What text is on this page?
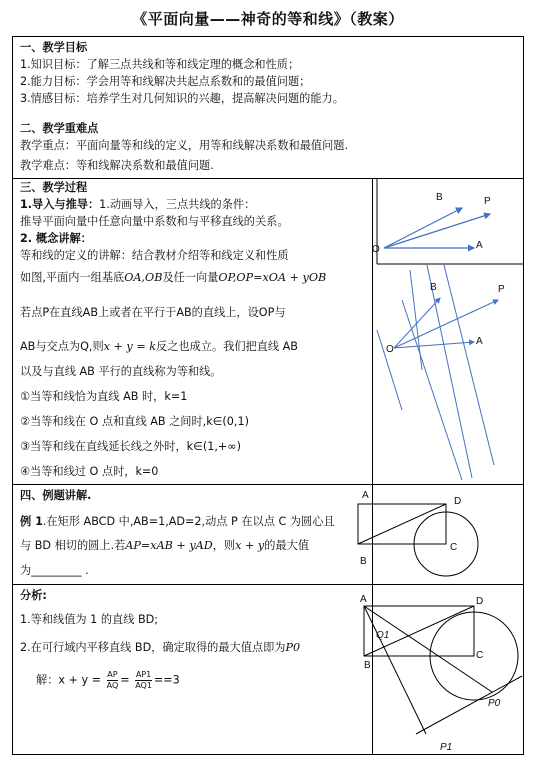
《平面向量——神奇的等和线》（教案）
一、教学目标
1.知识目标：了解三点共线和等和线定理的概念和性质；
2.能力目标：学会用等和线解决共起点系数和的最值问题；
3.情感目标：培养学生对几何知识的兴趣，提高解决问题的能力。
二、教学重难点
教学重点：平面向量等和线的定义，用等和线解决系数和最值问题.
教学难点：等和线解决系数和最值问题.
三、教学过程
1.导入与推导：1.动画导入，三点共线的条件：
推导平面向量中任意向量中系数和与平移直线的关系。
2. 概念讲解：
等和线的定义的讲解：结合教材介绍等和线定义和性质
如图,平面内一组基底OA,OB及任一向量OP,OP=xOA + yOB
若点P在直线AB上或者在平行于AB的直线上，设OP与
AB与交点为Q,则x + y = k反之也成立。我们把直线 AB
以及与直线 AB 平行的直线称为等和线。
①当等和线恰为直线 AB 时，k=1
②当等和线在 O 点和直线 AB 之间时,k∈(0,1)
③当等和线在直线延长线之外时，k∈(1,+∞)
④当等和线过 O 点时，k=0
四、例题讲解.
例 1.在矩形 ABCD 中,AB=1,AD=2,动点 P 在以点 C 为圆心且
与 BD 相切的圆上.若AP=xAB + yAD，则x + y的最大值
为_________ .
分析:
1.等和线值为 1 的直线 BD;
2.在可行域内平移直线 BD，确定取得的最大值点即为P0
解：$x + y = \frac{AP}{AQ} = \frac{AP1}{AQ1} ==3$
B	P
O	A
B	P
O
A
A
D
B
C
A	D
Q1
B
C
P0
P1
